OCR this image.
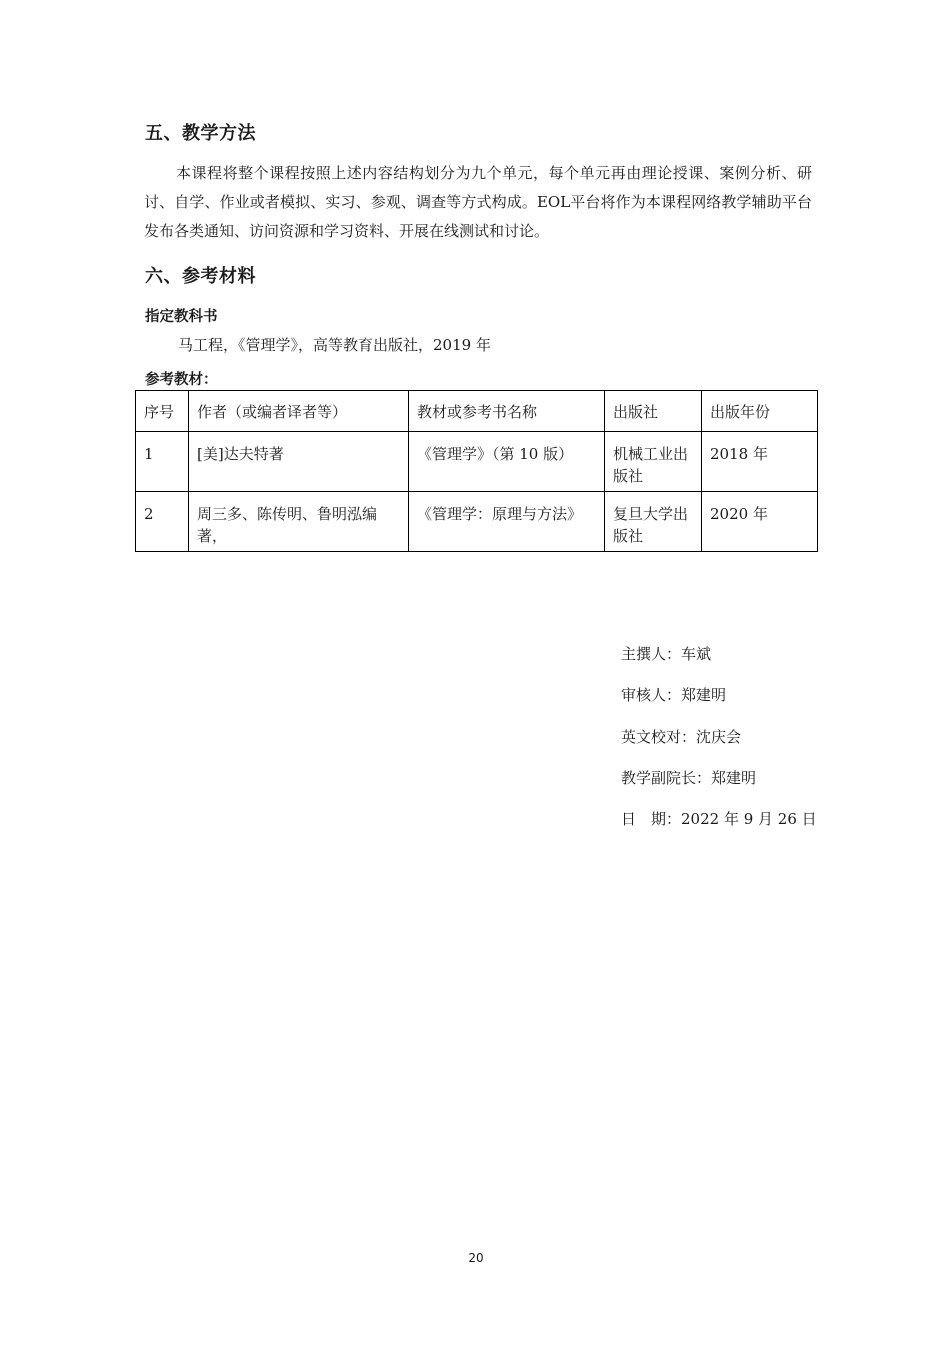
五、教学方法
本课程将整个课程按照上述内容结构划分为九个单元，每个单元再由理论授课、案例分析、研讨、自学、作业或者模拟、实习、参观、调查等方式构成。EOL平台将作为本课程网络教学辅助平台发布各类通知、访问资源和学习资料、开展在线测试和讨论。
六、参考材料
指定教科书
马工程，《管理学》，高等教育出版社，2019 年
参考教材：
序号	作者（或编者译者等）	教材或参考书名称	出版社	出版年份
1	[美]达夫特著	《管理学》（第 10 版）	机械工业出版社	2018 年
2	周三多、陈传明、鲁明泓编著，	《管理学：原理与方法》	复旦大学出版社	2020 年
主撰人：车斌
审核人：郑建明
英文校对：沈庆会
教学副院长：郑建明
日　期：2022 年 9 月 26 日
20
